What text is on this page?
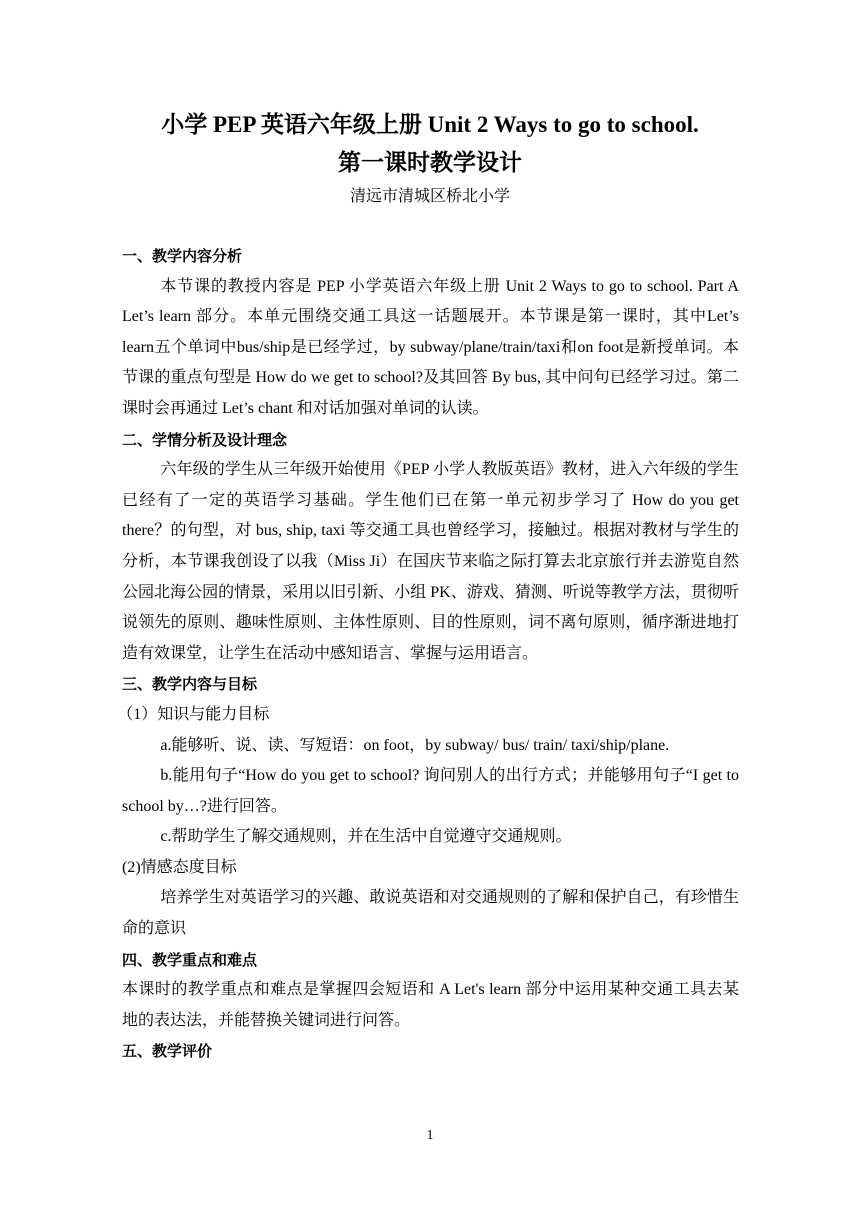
小学 PEP 英语六年级上册 Unit 2 Ways to go to school.
第一课时教学设计
清远市清城区桥北小学

一、教学内容分析

本节课的教授内容是 PEP 小学英语六年级上册 Unit 2 Ways to go to school. Part A Let’s learn 部分。本单元围绕交通工具这一话题展开。本节课是第一课时，其中Let’s learn五个单词中bus/ship是已经学过，by subway/plane/train/taxi和on foot是新授单词。本节课的重点句型是 How do we get to school?及其回答 By bus, 其中问句已经学习过。第二课时会再通过 Let’s chant 和对话加强对单词的认读。

二、学情分析及设计理念

六年级的学生从三年级开始使用《PEP 小学人教版英语》教材，进入六年级的学生已经有了一定的英语学习基础。学生他们已在第一单元初步学习了 How do you get there？的句型，对 bus, ship, taxi 等交通工具也曾经学习，接触过。根据对教材与学生的分析，本节课我创设了以我（Miss Ji）在国庆节来临之际打算去北京旅行并去游览自然公园北海公园的情景，采用以旧引新、小组 PK、游戏、猜测、听说等教学方法，贯彻听说领先的原则、趣味性原则、主体性原则、目的性原则，词不离句原则，循序渐进地打造有效课堂，让学生在活动中感知语言、掌握与运用语言。

三、教学内容与目标

（1）知识与能力目标

a.能够听、说、读、写短语：on foot，by subway/ bus/ train/ taxi/ship/plane.

b.能用句子“How do you get to school? 询问别人的出行方式；并能够用句子“I get to school by…?进行回答。

c.帮助学生了解交通规则，并在生活中自觉遵守交通规则。

(2)情感态度目标

培养学生对英语学习的兴趣、敢说英语和对交通规则的了解和保护自己，有珍惜生命的意识

四、教学重点和难点

本课时的教学重点和难点是掌握四会短语和 A Let's learn 部分中运用某种交通工具去某地的表达法，并能替换关键词进行问答。

五、教学评价

1
